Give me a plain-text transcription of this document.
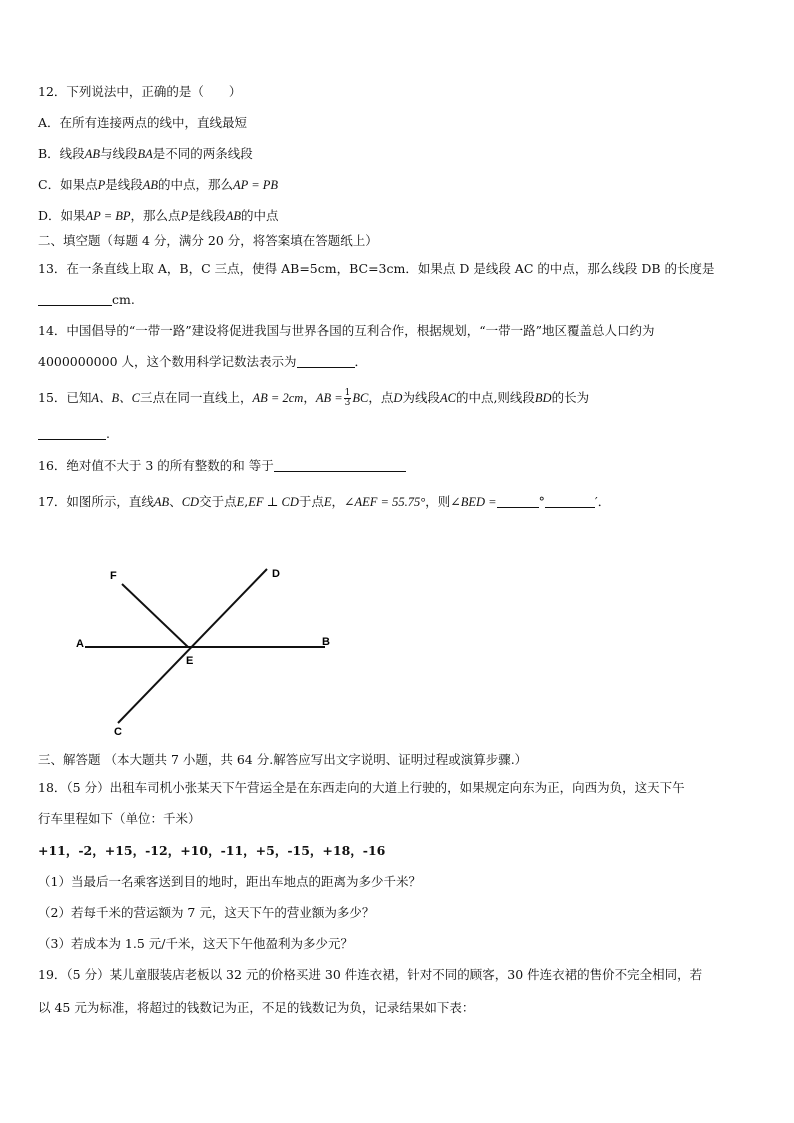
12．下列说法中，正确的是（　　）
A．在所有连接两点的线中，直线最短
B．线段AB与线段BA是不同的两条线段
C．如果点P是线段AB的中点，那么AP = PB
D．如果AP = BP，那么点P是线段AB的中点
二、填空题（每题 4 分，满分 20 分，将答案填在答题纸上）
13．在一条直线上取 A，B，C 三点，使得 AB=5cm，BC=3cm．如果点 D 是线段 AC 的中点，那么线段 DB 的长度是
cm.
14．中国倡导的“一带一路”建设将促进我国与世界各国的互利合作，根据规划，“一带一路”地区覆盖总人口约为
4000000000 人，这个数用科学记数法表示为	．
15．已知A、B、C三点在同一直线上，AB = 2cm，AB = $\frac{1}{3}$ BC，点D为线段AC的中点,则线段BD的长为
.
16．绝对值不大于 3 的所有整数的和 等于
17．如图所示，直线AB、CD交于点E,EF ⊥ CD于点E，∠AEF = 55.75°，则∠BED =	°	′．
F	D
A	B
E
C
三、解答题 （本大题共 7 小题，共 64 分.解答应写出文字说明、证明过程或演算步骤.）
18．（5 分）出租车司机小张某天下午营运全是在东西走向的大道上行驶的，如果规定向东为正，向西为负，这天下午
行车里程如下（单位：千米）
+11，-2，+15，-12，+10，-11，+5，-15，+18，-16
（1）当最后一名乘客送到目的地时，距出车地点的距离为多少千米？
（2）若每千米的营运额为 7 元，这天下午的营业额为多少？
（3）若成本为 1.5 元/千米，这天下午他盈利为多少元？
19．（5 分）某儿童服装店老板以 32 元的价格买进 30 件连衣裙，针对不同的顾客，30 件连衣裙的售价不完全相同，若
以 45 元为标准，将超过的钱数记为正，不足的钱数记为负，记录结果如下表：
